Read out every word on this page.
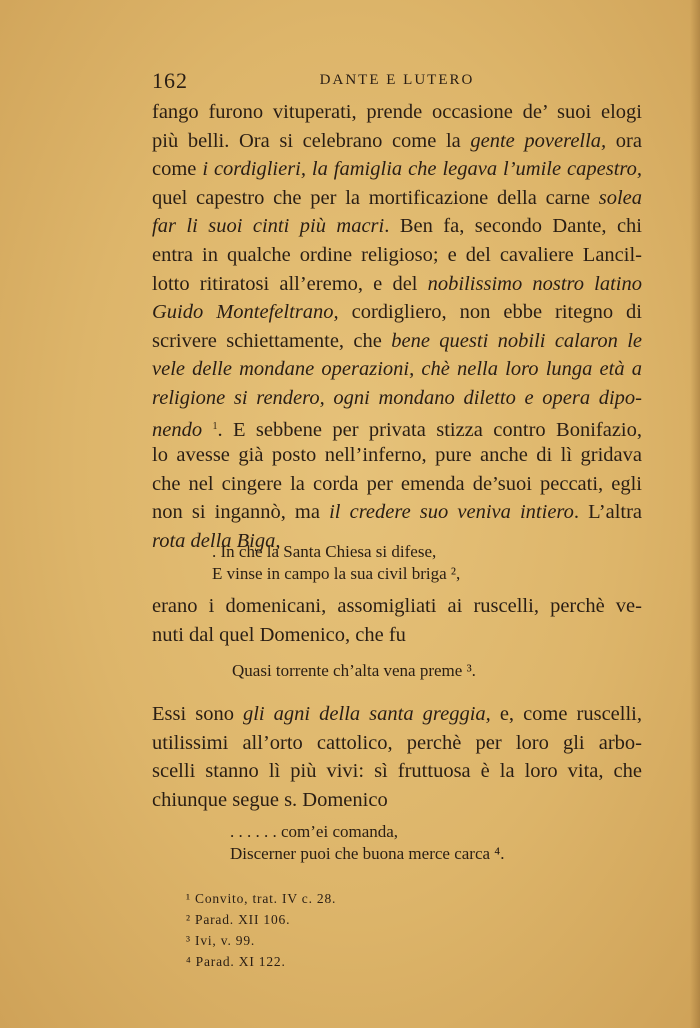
162	DANTE E LUTERO
fango furono vituperati, prende occasione de’ suoi elogi
più belli. Ora si celebrano come la gente poverella, ora
come i cordiglieri, la famiglia che legava l’umile capestro,
quel capestro che per la mortificazione della carne solea
far li suoi cinti più macri. Ben fa, secondo Dante, chi
entra in qualche ordine religioso; e del cavaliere Lancil-
lotto ritiratosi all’eremo, e del nobilissimo nostro latino
Guido Montefeltrano, cordigliero, non ebbe ritegno di
scrivere schiettamente, che bene questi nobili calaron le
vele delle mondane operazioni, chè nella loro lunga età a
religione si rendero, ogni mondano diletto e opera dipo-
nendo $^1$. E sebbene per privata stizza contro Bonifazio,
lo avesse già posto nell’inferno, pure anche di lì gridava
che nel cingere la corda per emenda de’suoi peccati, egli
non si ingannò, ma il credere suo veniva intiero. L’altra
rota della Biga,
. In che la Santa Chiesa si difese,
E vinse in campo la sua civil briga ²,
erano i domenicani, assomigliati ai ruscelli, perchè ve-
nuti dal quel Domenico, che fu
Quasi torrente ch’alta vena preme ³.
Essi sono gli agni della santa greggia, e, come ruscelli,
utilissimi all’orto cattolico, perchè per loro gli arbo-
scelli stanno lì più vivi: sì fruttuosa è la loro vita, che
chiunque segue s. Domenico
. . . . . . com’ei comanda,
Discerner puoi che buona merce carca ⁴.
¹ Convito, trat. IV c. 28.
² Parad. XII 106.
³ Ivi, v. 99.
⁴ Parad. XI 122.
